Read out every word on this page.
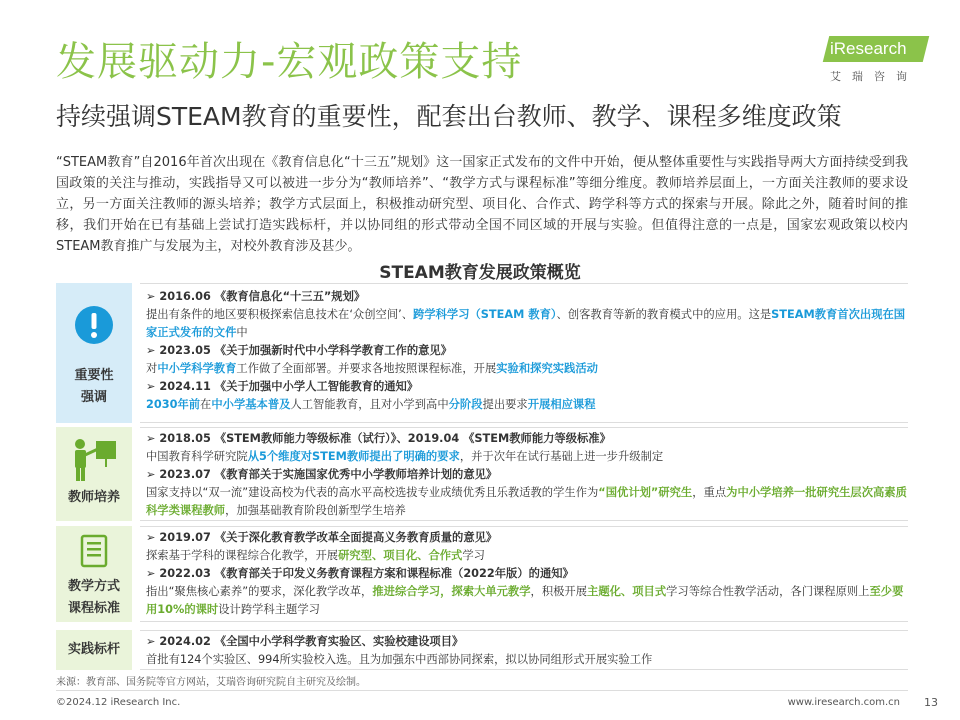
发展驱动力-宏观政策支持
持续强调STEAM教育的重要性，配套出台教师、教学、课程多维度政策
iResearch
艾瑞咨询
“STEAM教育”自2016年首次出现在《教育信息化“十三五”规划》这一国家正式发布的文件中开始，便从整体重要性与实践指导两大方面持续受到我国政策的关注与推动，实践指导又可以被进一步分为“教师培养”、“教学方式与课程标准”等细分维度。教师培养层面上，一方面关注教师的要求设立，另一方面关注教师的源头培养；教学方式层面上，积极推动研究型、项目化、合作式、跨学科等方式的探索与开展。除此之外，随着时间的推移，我们开始在已有基础上尝试打造实践标杆，并以协同组的形式带动全国不同区域的开展与实验。但值得注意的一点是，国家宏观政策以校内STEAM教育推广与发展为主，对校外教育涉及甚少。
STEAM教育发展政策概览
重要性
强调
➢ 2016.06 《教育信息化“十三五”规划》
提出有条件的地区要积极探索信息技术在‘众创空间’、跨学科学习（STEAM 教育）、创客教育等新的教育模式中的应用。这是STEAM教育首次出现在国家正式发布的文件中
➢ 2023.05 《关于加强新时代中小学科学教育工作的意见》
对中小学科学教育工作做了全面部署。并要求各地按照课程标准，开展实验和探究实践活动
➢ 2024.11 《关于加强中小学人工智能教育的通知》
2030年前在中小学基本普及人工智能教育，且对小学到高中分阶段提出要求开展相应课程
教师培养
➢ 2018.05 《STEM教师能力等级标准（试行）》、2019.04 《STEM教师能力等级标准》
中国教育科学研究院从5个维度对STEM教师提出了明确的要求，并于次年在试行基础上进一步升级制定
➢ 2023.07 《教育部关于实施国家优秀中小学教师培养计划的意见》
国家支持以“双一流”建设高校为代表的高水平高校选拔专业成绩优秀且乐教适教的学生作为“国优计划”研究生，重点为中小学培养一批研究生层次高素质科学类课程教师，加强基础教育阶段创新型学生培养
教学方式
课程标准
➢ 2019.07 《关于深化教育教学改革全面提高义务教育质量的意见》
探索基于学科的课程综合化教学，开展研究型、项目化、合作式学习
➢ 2022.03 《教育部关于印发义务教育课程方案和课程标准（2022年版）的通知》
指出“聚焦核心素养”的要求，深化教学改革，推进综合学习，探索大单元教学，积极开展主题化、项目式学习等综合性教学活动，各门课程原则上至少要用10%的课时设计跨学科主题学习
实践标杆
➢ 2024.02 《全国中小学科学教育实验区、实验校建设项目》
首批有124个实验区、994所实验校入选。且为加强东中西部协同探索，拟以协同组形式开展实验工作
来源：教育部、国务院等官方网站，艾瑞咨询研究院自主研究及绘制。
©2024.12 iResearch Inc.	www.iresearch.com.cn 13
